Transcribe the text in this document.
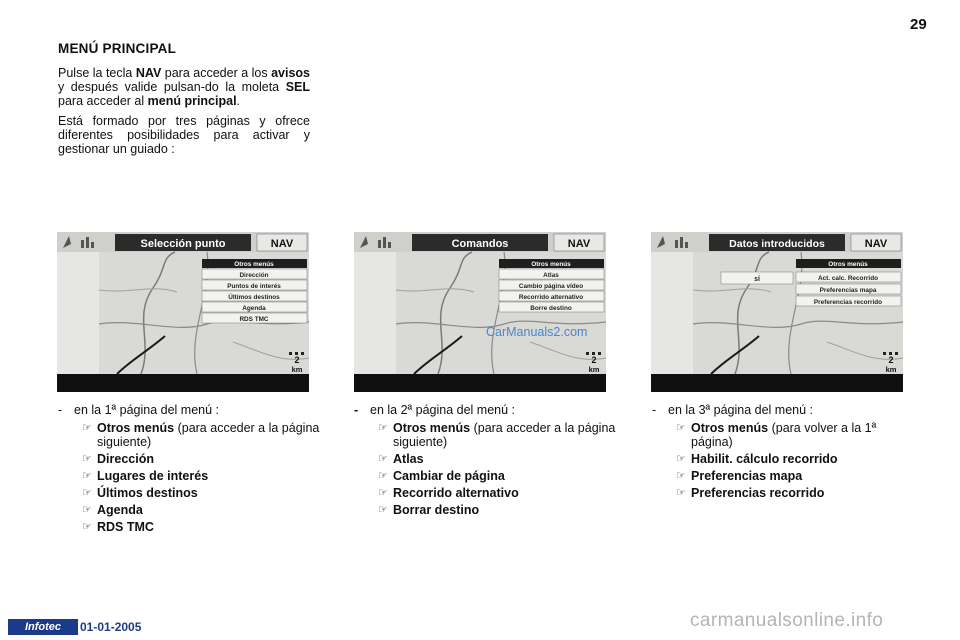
29
MENÚ PRINCIPAL

Pulse la tecla NAV para acceder a los avisos y después valide pulsan-do la moleta SEL para acceder al menú principal.

Está formado por tres páginas y ofrece diferentes posibilidades para activar y gestionar un guiado :

Selección punto	NAV
Otros menús
Dirección
Puntos de interés
Últimos destinos
Agenda
RDS TMC
2
km
Comandos	NAV
Otros menús
Atlas
Cambio página vídeo
Recorrido alternativo
Borre destino
2
km
Datos introducidos	NAV
sí
Otros menús
Act. calc. Recorrido
Preferencias mapa
Preferencias recorrido
2
km
CarManuals2.com
- en la 1ª página del menú :
☞ Otros menús (para acceder a la página siguiente)
☞ Dirección
☞ Lugares de interés
☞ Últimos destinos
☞ Agenda
☞ RDS TMC
- en la 2ª página del menú :
☞ Otros menús (para acceder a la página siguiente)
☞ Atlas
☞ Cambiar de página
☞ Recorrido alternativo
☞ Borrar destino
- en la 3ª página del menú :
☞ Otros menús (para volver a la 1ª página)
☞ Habilit. cálculo recorrido
☞ Preferencias mapa
☞ Preferencias recorrido
Infotec	01-01-2005	carmanualsonline.info
